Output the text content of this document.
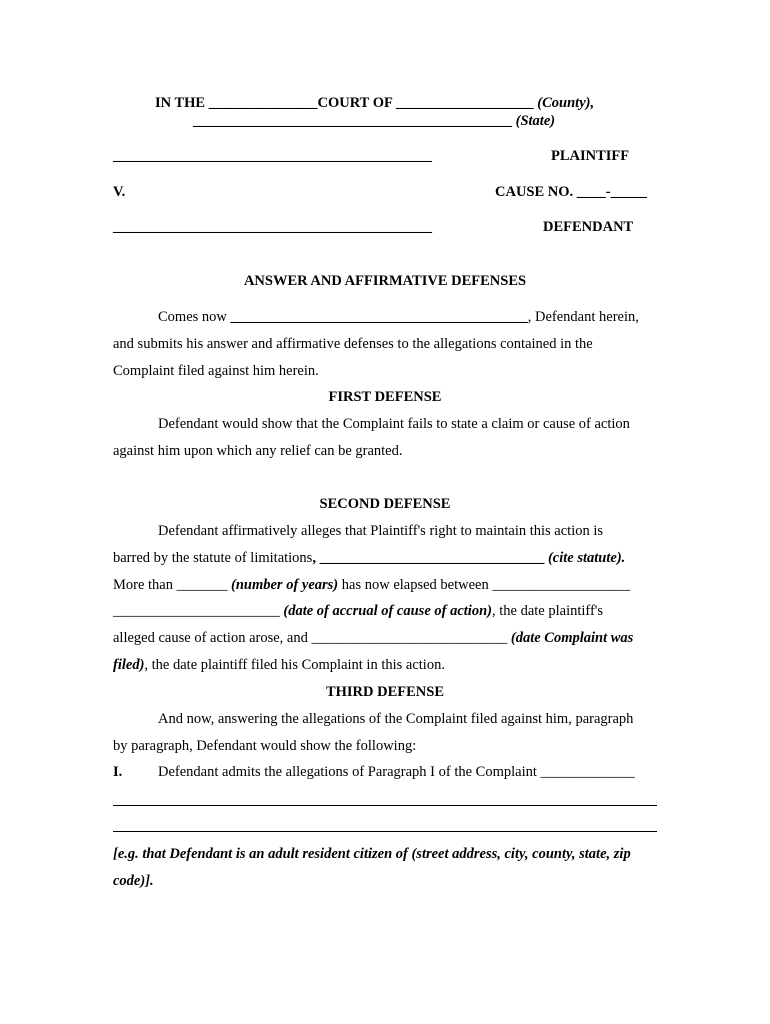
IN THE _______________COURT OF ___________________ (County),
____________________________________________ (State)
____________________________________________	PLAINTIFF
V.	CAUSE NO. ____-_____
____________________________________________	DEFENDANT
ANSWER AND AFFIRMATIVE DEFENSES
Comes now _________________________________________, Defendant herein,
and submits his answer and affirmative defenses to the allegations contained in the
Complaint filed against him herein.
FIRST DEFENSE
Defendant would show that the Complaint fails to state a claim or cause of action
against him upon which any relief can be granted.
SECOND DEFENSE
Defendant affirmatively alleges that Plaintiff's right to maintain this action is
barred by the statute of limitations, _______________________________ (cite statute).
More than _______ (number of years) has now elapsed between ___________________
_______________________ (date of accrual of cause of action), the date plaintiff's
alleged cause of action arose, and ___________________________ (date Complaint was
filed), the date plaintiff filed his Complaint in this action.
THIRD DEFENSE
And now, answering the allegations of the Complaint filed against him, paragraph
by paragraph, Defendant would show the following:
I. Defendant admits the allegations of Paragraph I of the Complaint _____________
[e.g. that Defendant is an adult resident citizen of (street address, city, county, state, zip
code)].
